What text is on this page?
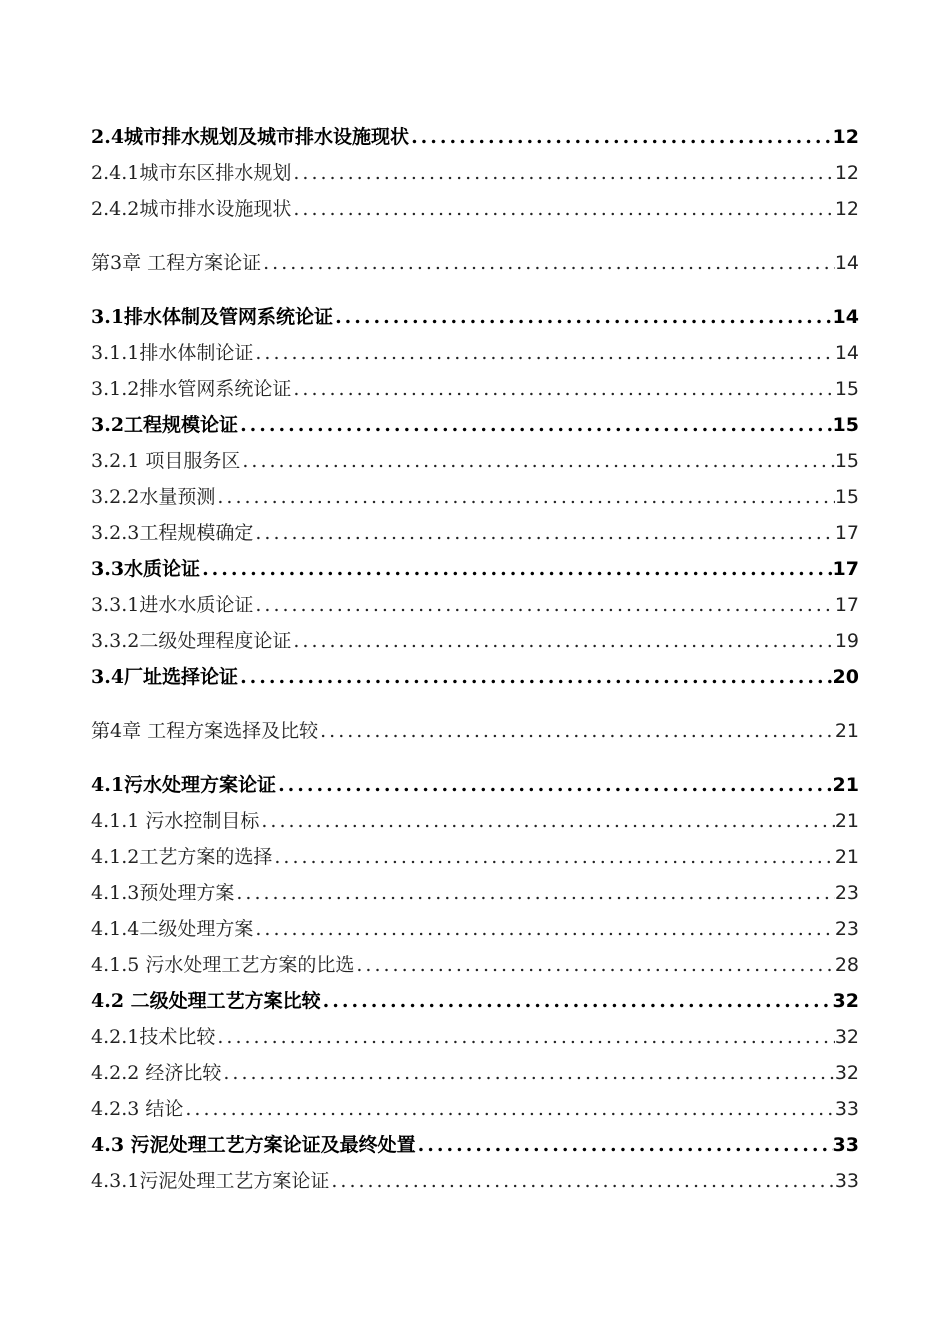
2.4城市排水规划及城市排水设施现状 .....	12
2.4.1城市东区排水规划 .....	12
2.4.2城市排水设施现状 .....	12
第3章 工程方案论证 .....	14
3.1排水体制及管网系统论证 .....	14
3.1.1排水体制论证 .....	14
3.1.2排水管网系统论证 .....	15
3.2工程规模论证 .....	15
3.2.1 项目服务区 .....	15
3.2.2水量预测 .....	15
3.2.3工程规模确定 .....	17
3.3水质论证 .....	17
3.3.1进水水质论证 .....	17
3.3.2二级处理程度论证 .....	19
3.4厂址选择论证 .....	20
第4章 工程方案选择及比较 .....	21
4.1污水处理方案论证 .....	21
4.1.1 污水控制目标 .....	21
4.1.2工艺方案的选择 .....	21
4.1.3预处理方案 .....	23
4.1.4二级处理方案 .....	23
4.1.5 污水处理工艺方案的比选 .....	28
4.2 二级处理工艺方案比较 .....	32
4.2.1技术比较 .....	32
4.2.2 经济比较 .....	32
4.2.3 结论 .....	33
4.3 污泥处理工艺方案论证及最终处置 .....	33
4.3.1污泥处理工艺方案论证 .....	33
